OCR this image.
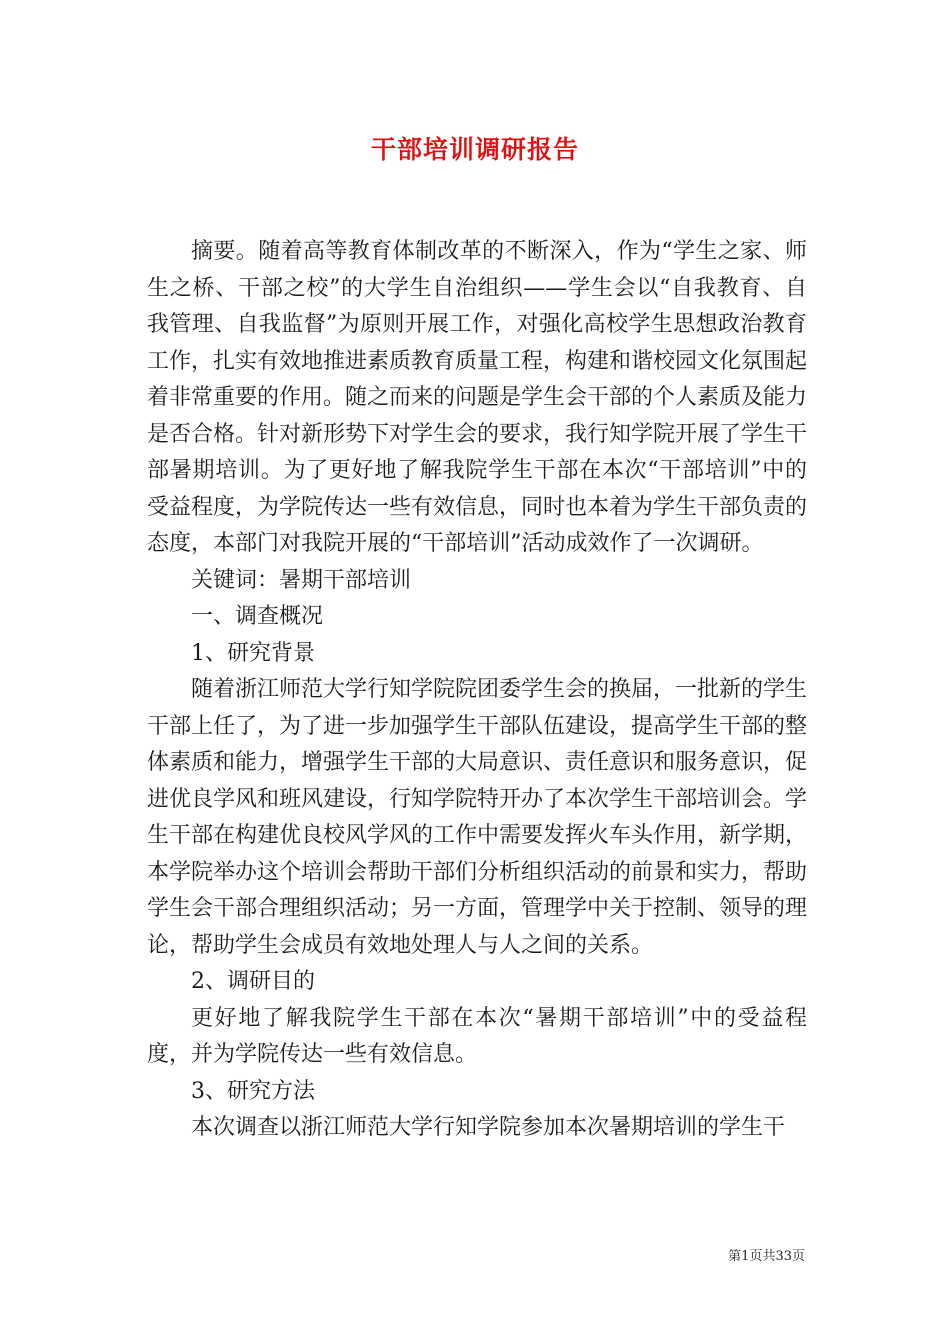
干部培训调研报告

摘要。随着高等教育体制改革的不断深入，作为“学生之家、师生之桥、干部之校”的大学生自治组织——学生会以“自我教育、自我管理、自我监督”为原则开展工作，对强化高校学生思想政治教育工作，扎实有效地推进素质教育质量工程，构建和谐校园文化氛围起着非常重要的作用。随之而来的问题是学生会干部的个人素质及能力是否合格。针对新形势下对学生会的要求，我行知学院开展了学生干部暑期培训。为了更好地了解我院学生干部在本次“干部培训”中的受益程度，为学院传达一些有效信息，同时也本着为学生干部负责的态度，本部门对我院开展的“干部培训”活动成效作了一次调研。

关键词：暑期干部培训

一、调查概况

1、研究背景

随着浙江师范大学行知学院院团委学生会的换届，一批新的学生干部上任了，为了进一步加强学生干部队伍建设，提高学生干部的整体素质和能力，增强学生干部的大局意识、责任意识和服务意识，促进优良学风和班风建设，行知学院特开办了本次学生干部培训会。学生干部在构建优良校风学风的工作中需要发挥火车头作用，新学期，本学院举办这个培训会帮助干部们分析组织活动的前景和实力，帮助学生会干部合理组织活动；另一方面，管理学中关于控制、领导的理论，帮助学生会成员有效地处理人与人之间的关系。

2、调研目的

更好地了解我院学生干部在本次“暑期干部培训”中的受益程度，并为学院传达一些有效信息。

3、研究方法

本次调查以浙江师范大学行知学院参加本次暑期培训的学生干

第1页共33页
